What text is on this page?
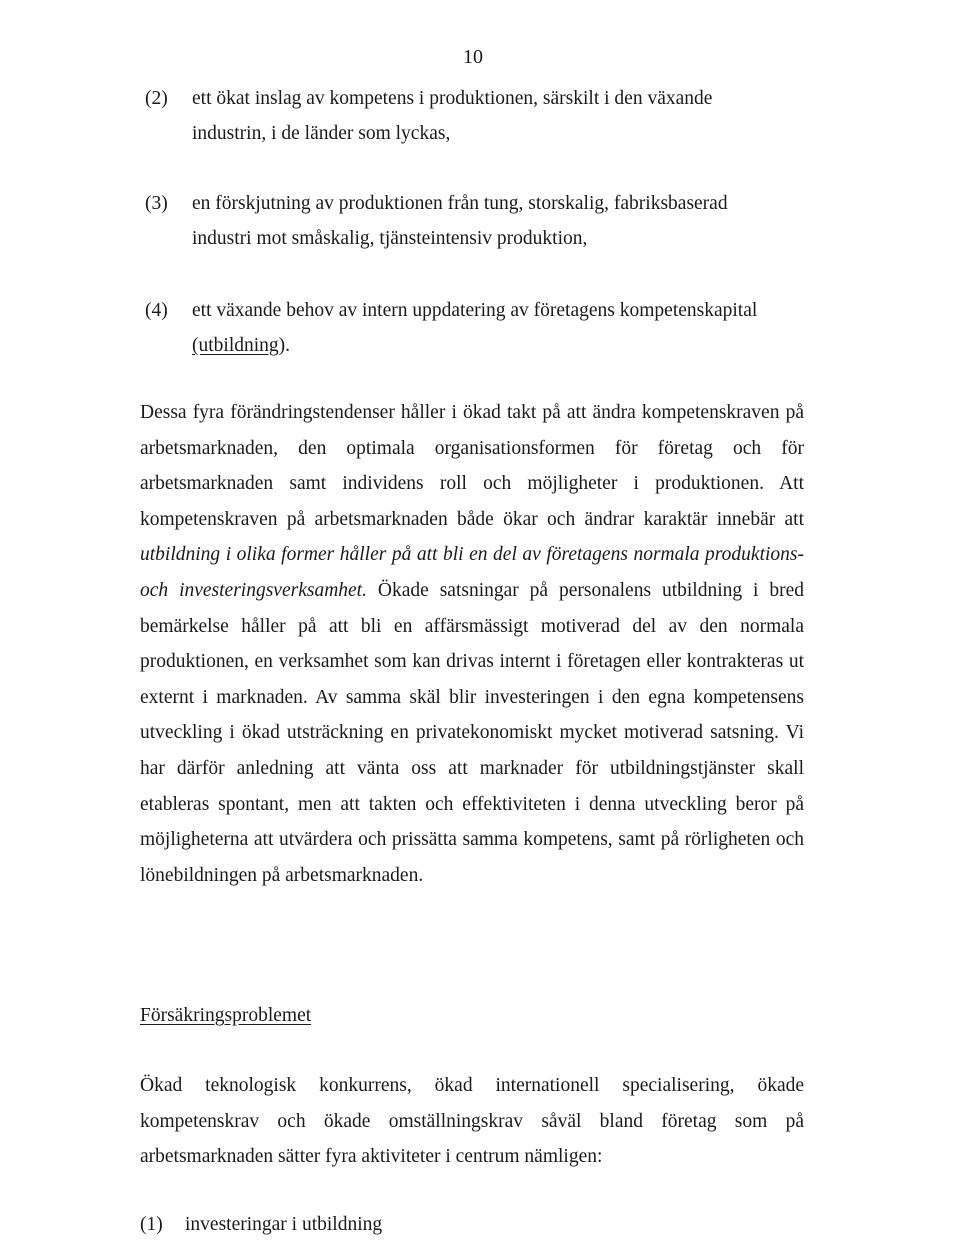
10
(2) ett ökat inslag av kompetens i produktionen, särskilt i den växande
industrin, i de länder som lyckas,
(3) en förskjutning av produktionen från tung, storskalig, fabriksbaserad
industri mot småskalig, tjänsteintensiv produktion,
(4) ett växande behov av intern uppdatering av företagens kompetenskapital
(utbildning).

Dessa fyra förändringstendenser håller i ökad takt på att ändra kompetenskraven på arbetsmarknaden, den optimala organisationsformen för företag och för arbetsmarknaden samt individens roll och möjligheter i produktionen. Att kompetenskraven på arbetsmarknaden både ökar och ändrar karaktär innebär att utbildning i olika former håller på att bli en del av företagens normala produktions- och investeringsverksamhet. Ökade satsningar på personalens utbildning i bred bemärkelse håller på att bli en affärsmässigt motiverad del av den normala produktionen, en verksamhet som kan drivas internt i företagen eller kontrakteras ut externt i marknaden. Av samma skäl blir investeringen i den egna kompetensens utveckling i ökad utsträckning en privatekonomiskt mycket motiverad satsning. Vi har därför anledning att vänta oss att marknader för utbildningstjänster skall etableras spontant, men att takten och effektiviteten i denna utveckling beror på möjligheterna att utvärdera och prissätta samma kompetens, samt på rörligheten och lönebildningen på arbetsmarknaden.

Försäkringsproblemet

Ökad teknologisk konkurrens, ökad internationell specialisering, ökade kompetenskrav och ökade omställningskrav såväl bland företag som på arbetsmarknaden sätter fyra aktiviteter i centrum nämligen:

(1) investeringar i utbildning
